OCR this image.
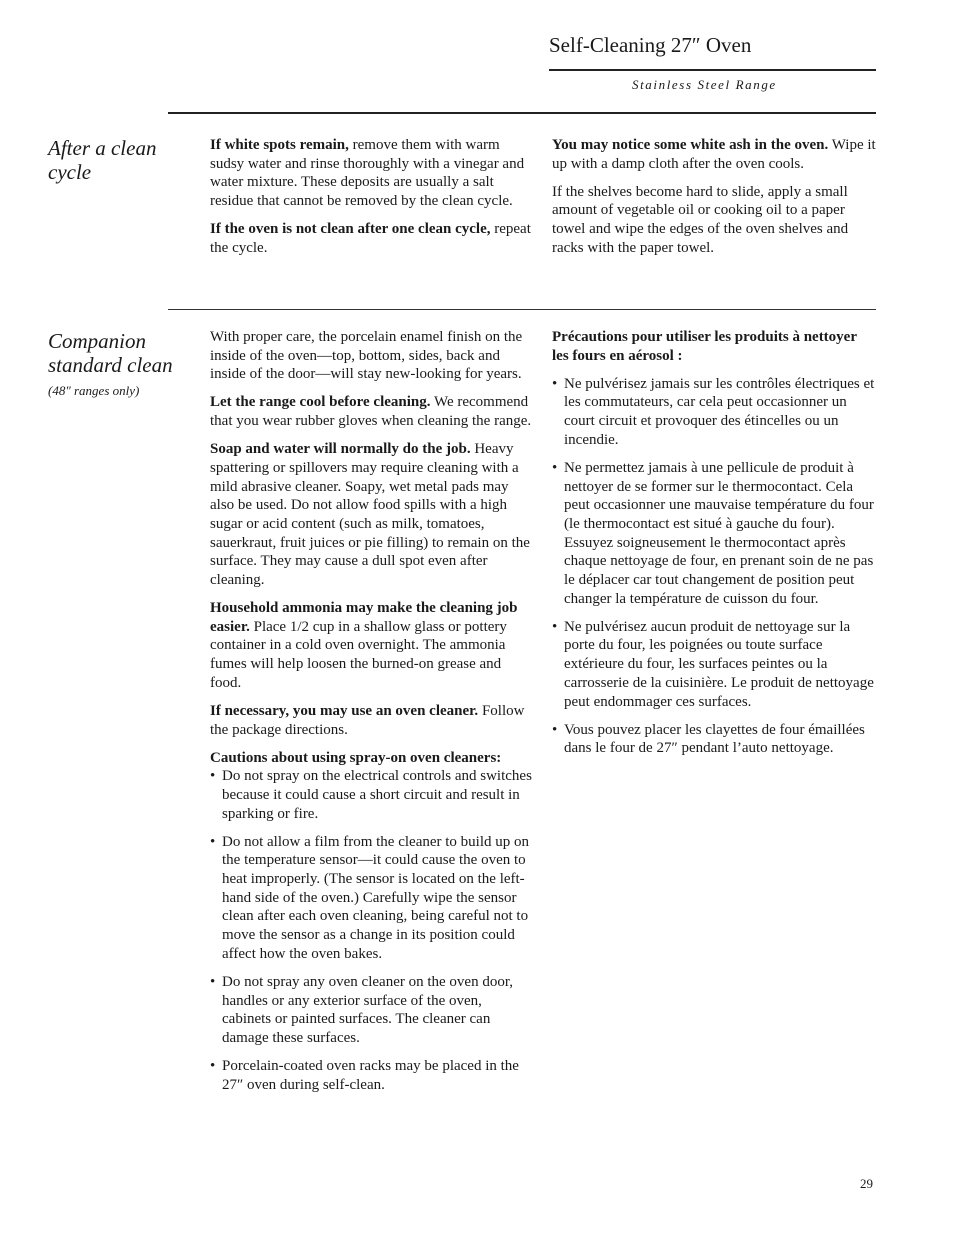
Self-Cleaning 27″ Oven
Stainless Steel Range
After a clean cycle

If white spots remain, remove them with warm sudsy water and rinse thoroughly with a vinegar and water mixture. These deposits are usually a salt residue that cannot be removed by the clean cycle.

If the oven is not clean after one clean cycle, repeat the cycle.

You may notice some white ash in the oven. Wipe it up with a damp cloth after the oven cools.

If the shelves become hard to slide, apply a small amount of vegetable oil or cooking oil to a paper towel and wipe the edges of the oven shelves and racks with the paper towel.

Companion standard clean
(48″ ranges only)

With proper care, the porcelain enamel finish on the inside of the oven—top, bottom, sides, back and inside of the door—will stay new-looking for years.

Let the range cool before cleaning. We recommend that you wear rubber gloves when cleaning the range.

Soap and water will normally do the job. Heavy spattering or spillovers may require cleaning with a mild abrasive cleaner. Soapy, wet metal pads may also be used. Do not allow food spills with a high sugar or acid content (such as milk, tomatoes, sauerkraut, fruit juices or pie filling) to remain on the surface. They may cause a dull spot even after cleaning.

Household ammonia may make the cleaning job easier. Place 1/2 cup in a shallow glass or pottery container in a cold oven overnight. The ammonia fumes will help loosen the burned-on grease and food.

If necessary, you may use an oven cleaner. Follow the package directions.

Cautions about using spray-on oven cleaners:

• Do not spray on the electrical controls and switches because it could cause a short circuit and result in sparking or fire.
• Do not allow a film from the cleaner to build up on the temperature sensor—it could cause the oven to heat improperly. (The sensor is located on the left-hand side of the oven.) Carefully wipe the sensor clean after each oven cleaning, being careful not to move the sensor as a change in its position could affect how the oven bakes.
• Do not spray any oven cleaner on the oven door, handles or any exterior surface of the oven, cabinets or painted surfaces. The cleaner can damage these surfaces.
• Porcelain-coated oven racks may be placed in the 27″ oven during self-clean.

Précautions pour utiliser les produits à nettoyer les fours en aérosol :

• Ne pulvérisez jamais sur les contrôles électriques et les commutateurs, car cela peut occasionner un court circuit et provoquer des étincelles ou un incendie.
• Ne permettez jamais à une pellicule de produit à nettoyer de se former sur le thermocontact. Cela peut occasionner une mauvaise température du four (le thermocontact est situé à gauche du four). Essuyez soigneusement le thermocontact après chaque nettoyage de four, en prenant soin de ne pas le déplacer car tout changement de position peut changer la température de cuisson du four.
• Ne pulvérisez aucun produit de nettoyage sur la porte du four, les poignées ou toute surface extérieure du four, les surfaces peintes ou la carrosserie de la cuisinière. Le produit de nettoyage peut endommager ces surfaces.
• Vous pouvez placer les clayettes de four émaillées dans le four de 27″ pendant l’auto nettoyage.
29
